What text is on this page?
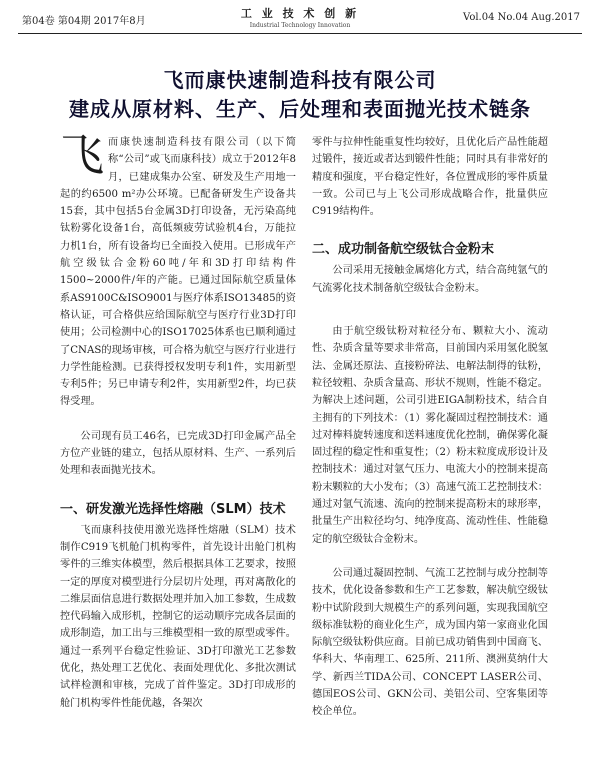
第04卷 第04期 2017年8月
工 业 技 术 创 新
Industrial Technology Innovation
Vol.04 No.04 Aug.2017
飞而康快速制造科技有限公司
建成从原材料、生产、后处理和表面抛光技术链条

飞而康快速制造科技有限公司（以下简称“公司”或飞而康科技）成立于2012年8月，已建成集办公室、研发及生产用地一起的约6500 m²办公环境。已配备研发生产设备共15套，其中包括5台金属3D打印设备，无污染高纯钛粉雾化设备1台，高低频疲劳试验机4台，万能拉力机1台，所有设备均已全面投入使用。已形成年产航空级钛合金粉60吨/年和3D打印结构件1500~2000件/年的产能。已通过国际航空质量体系AS9100C&ISO9001与医疗体系ISO13485的资格认证，可合格供应给国际航空与医疗行业3D打印使用；公司检测中心的ISO17025体系也已顺利通过了CNAS的现场审核，可合格为航空与医疗行业进行力学性能检测。已获得授权发明专利1件，实用新型专利5件；另已申请专利2件，实用新型2件，均已获得受理。

公司现有员工46名，已完成3D打印金属产品全方位产业链的建立，包括从原材料、生产、一系列后处理和表面抛光技术。

一、研发激光选择性熔融（SLM）技术

飞而康科技使用激光选择性熔融（SLM）技术制作C919飞机舱门机构零件，首先设计出舱门机构零件的三维实体模型，然后根据具体工艺要求，按照一定的厚度对模型进行分层切片处理，再对离散化的二维层面信息进行数据处理并加入加工参数，生成数控代码输入成形机，控制它的运动顺序完成各层面的成形制造，加工出与三维模型相一致的原型或零件。通过一系列平台稳定性验证、3D打印激光工艺参数优化，热处理工艺优化、表面处理优化、多批次测试试样检测和审核，完成了首件鉴定。3D打印成形的舱门机构零件性能优越，各架次

零件与拉伸性能重复性均较好，且优化后产品性能超过锻件，接近或者达到锻件性能；同时具有非常好的精度和强度，平台稳定性好，各位置成形的零件质量一致。公司已与上飞公司形成战略合作，批量供应C919结构件。

二、成功制备航空级钛合金粉末

公司采用无接触金属熔化方式，结合高纯氩气的气流雾化技术制备航空级钛合金粉末。

由于航空级钛粉对粒径分布、颗粒大小、流动性、杂质含量等要求非常高，目前国内采用氢化脱氢法、金属还原法、直接粉碎法、电解法制得的钛粉，粒径较粗、杂质含量高、形状不规则，性能不稳定。为解决上述问题，公司引进EIGA制粉技术，结合自主拥有的下列技术：（1）雾化凝固过程控制技术：通过对棒料旋转速度和送料速度优化控制，确保雾化凝固过程的稳定性和重复性；（2）粉末粒度成形设计及控制技术：通过对氩气压力、电流大小的控制来提高粉末颗粒的大小发布；（3）高速气流工艺控制技术：通过对氩气流速、流向的控制来提高粉末的球形率，批量生产出粒径均匀、纯净度高、流动性佳、性能稳定的航空级钛合金粉末。

公司通过凝固控制、气流工艺控制与成分控制等技术，优化设备参数和生产工艺参数，解决航空级钛粉中试阶段到大规模生产的系列问题，实现我国航空级标准钛粉的商业化生产，成为国内第一家商业化国际航空级钛粉供应商。目前已成功销售到中国商飞、华科大、华南理工、625所、211所、澳洲莫纳什大学、新西兰TIDA公司、CONCEPT LASER公司、德国EOS公司、GKN公司、美铝公司、空客集团等校企单位。
